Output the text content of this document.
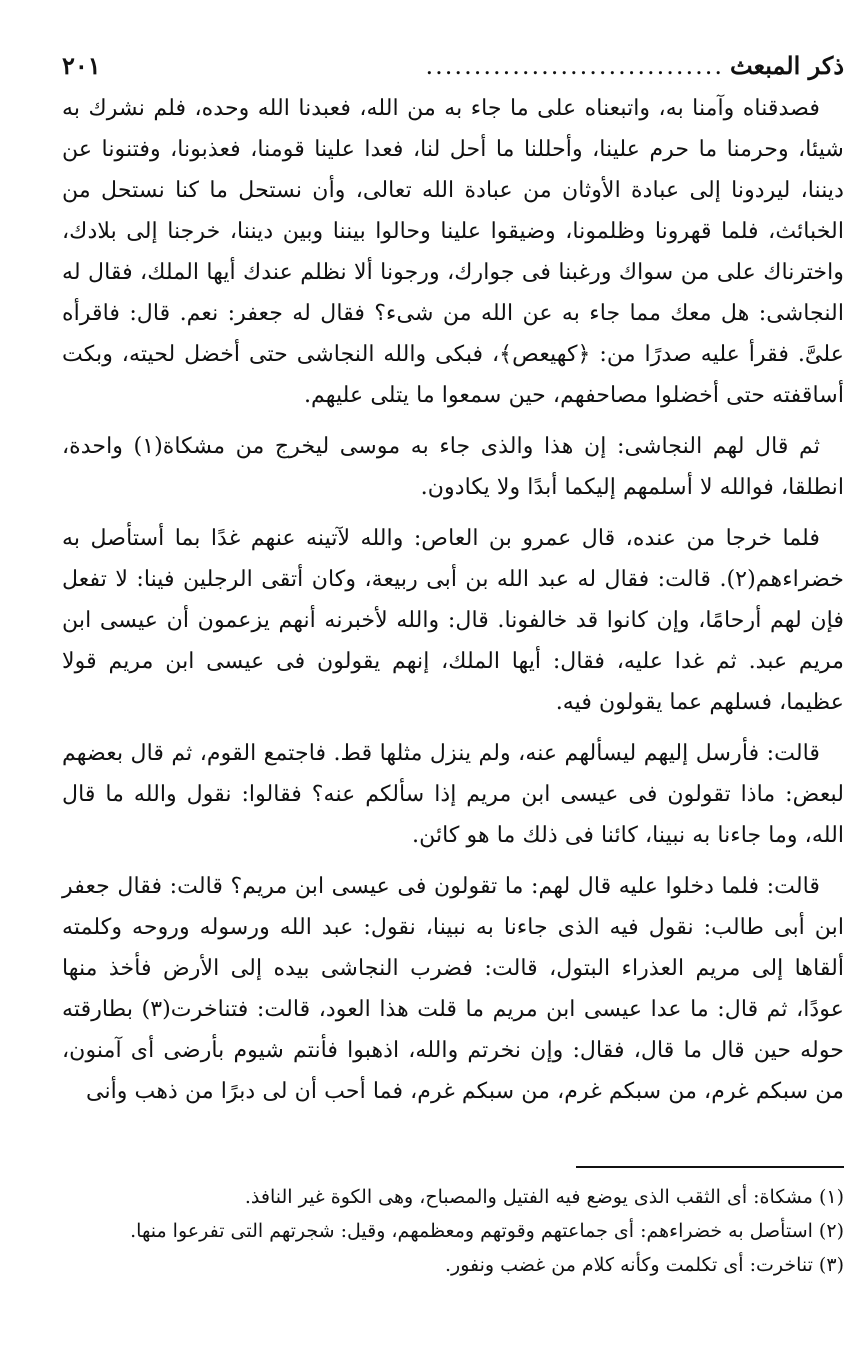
ذكر المبعث
...............................
٢٠١

فصدقناه وآمنا به، واتبعناه على ما جاء به من الله، فعبدنا الله وحده، فلم نشرك به شيئا، وحرمنا ما حرم علينا، وأحللنا ما أحل لنا، فعدا علينا قومنا، فعذبونا، وفتنونا عن ديننا، ليردونا إلى عبادة الأوثان من عبادة الله تعالى، وأن نستحل ما كنا نستحل من الخبائث، فلما قهرونا وظلمونا، وضيقوا علينا وحالوا بيننا وبين ديننا، خرجنا إلى بلادك، واخترناك على من سواك ورغبنا فى جوارك، ورجونا ألا نظلم عندك أيها الملك، فقال له النجاشى: هل معك مما جاء به عن الله من شىء؟ فقال له جعفر: نعم. قال: فاقرأه علىَّ. فقرأ عليه صدرًا من: ﴿كهيعص﴾، فبكى والله النجاشى حتى أخضل لحيته، وبكت أساقفته حتى أخضلوا مصاحفهم، حين سمعوا ما يتلى عليهم.

ثم قال لهم النجاشى: إن هذا والذى جاء به موسى ليخرج من مشكاة(١) واحدة، انطلقا، فوالله لا أسلمهم إليكما أبدًا ولا يكادون.

فلما خرجا من عنده، قال عمرو بن العاص: والله لآتينه عنهم غدًا بما أستأصل به خضراءهم(٢). قالت: فقال له عبد الله بن أبى ربيعة، وكان أتقى الرجلين فينا: لا تفعل فإن لهم أرحامًا، وإن كانوا قد خالفونا. قال: والله لأخبرنه أنهم يزعمون أن عيسى ابن مريم عبد. ثم غدا عليه، فقال: أيها الملك، إنهم يقولون فى عيسى ابن مريم قولا عظيما، فسلهم عما يقولون فيه.

قالت: فأرسل إليهم ليسألهم عنه، ولم ينزل مثلها قط. فاجتمع القوم، ثم قال بعضهم لبعض: ماذا تقولون فى عيسى ابن مريم إذا سألكم عنه؟ فقالوا: نقول والله ما قال الله، وما جاءنا به نبينا، كائنا فى ذلك ما هو كائن.

قالت: فلما دخلوا عليه قال لهم: ما تقولون فى عيسى ابن مريم؟ قالت: فقال جعفر ابن أبى طالب: نقول فيه الذى جاءنا به نبينا، نقول: عبد الله ورسوله وروحه وكلمته ألقاها إلى مريم العذراء البتول، قالت: فضرب النجاشى بيده إلى الأرض فأخذ منها عودًا، ثم قال: ما عدا عيسى ابن مريم ما قلت هذا العود، قالت: فتناخرت(٣) بطارقته حوله حين قال ما قال، فقال: وإن نخرتم والله، اذهبوا فأنتم شيوم بأرضى أى آمنون، من سبكم غرم، من سبكم غرم، من سبكم غرم، فما أحب أن لى دبرًا من ذهب وأنى

(١) مشكاة: أى الثقب الذى يوضع فيه الفتيل والمصباح، وهى الكوة غير النافذ.
(٢) استأصل به خضراءهم: أى جماعتهم وقوتهم ومعظمهم، وقيل: شجرتهم التى تفرعوا منها.
(٣) تناخرت: أى تكلمت وكأنه كلام من غضب ونفور.
